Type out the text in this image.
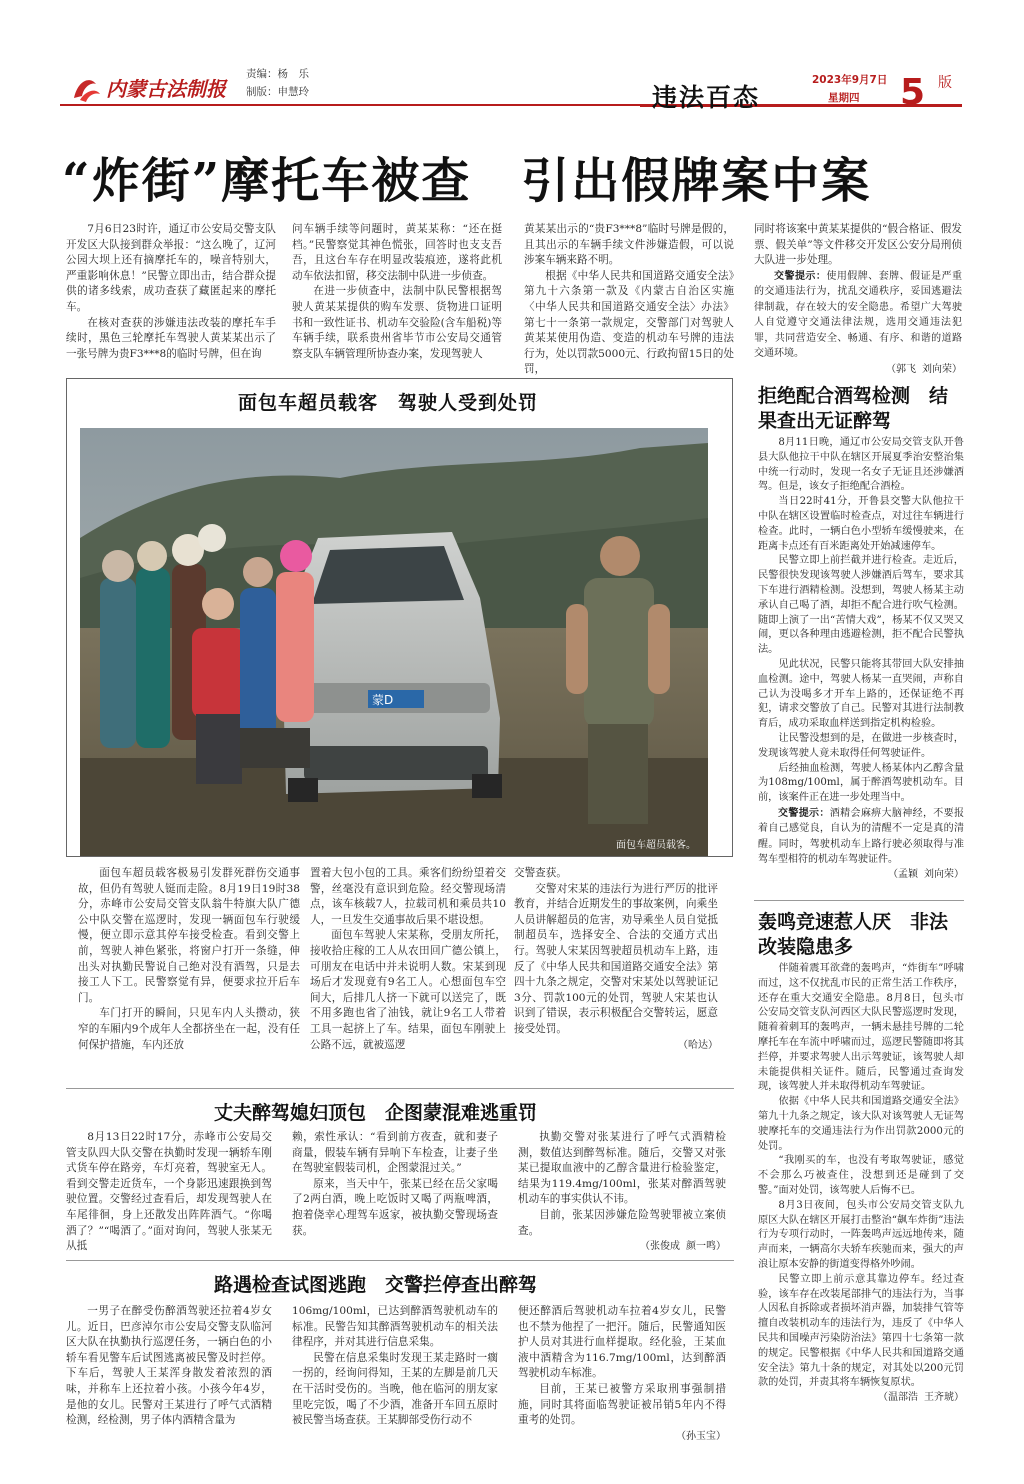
内蒙古法制报
责编：杨　乐
制版：申慧玲	违法百态
2023年9月7日
星期四 5 版
“炸街”摩托车被查　引出假牌案中案

7月6日23时许，通辽市公安局交警支队开发区大队接到群众举报：“这么晚了，辽河公园大坝上还有摘摩托车的，噪音特别大，严重影响休息！”民警立即出击，结合群众提供的诸多线索，成功查获了藏匿起来的摩托车。

在核对查获的涉嫌违法改装的摩托车手续时，黑色三轮摩托车驾驶人黄某某出示了一张号牌为贵F3***8的临时号牌，但在询

问车辆手续等问题时，黄某某称：“还在挺档。”民警察觉其神色慌张，回答时也支支吾吾，且这台车存在明显改装痕迹，遂将此机动车依法扣留，移交法制中队进一步侦查。

在进一步侦查中，法制中队民警根据驾驶人黄某某提供的购车发票、货物进口证明书和一致性证书、机动车交验险(含车船税)等车辆手续，联系贵州省毕节市公安局交通管察支队车辆管理所协查办案，发现驾驶人

黄某某出示的“贵F3***8”临时号牌是假的，且其出示的车辆手续文件涉嫌造假，可以说涉案车辆来路不明。

根据《中华人民共和国道路交通安全法》第九十六条第一款及《内蒙古自治区实施〈中华人民共和国道路交通安全法〉办法》第七十一条第一款规定，交警部门对驾驶人黄某某使用伪造、变造的机动车号牌的违法行为，处以罚款5000元、行政拘留15日的处罚，

同时将该案中黄某某提供的“假合格证、假发票、假关单”等文件移交开发区公安分局刑侦大队进一步处理。

交警提示：使用假牌、套牌、假证是严重的交通违法行为，扰乱交通秩序，妥国逃避法律制裁，存在较大的安全隐患。希望广大驾驶人自觉遵守交通法律法规，选用交通违法犯罪，共同营造安全、畅通、有序、和谐的道路交通环境。

（郭飞 刘向荣）
面包车超员载客　驾驶人受到处罚
蒙D
面包车超员载客。

面包车超员载客极易引发群死群伤交通事故，但仍有驾驶人铤而走险。8月19日19时38分，赤峰市公安局交管支队翁牛特旗大队广德公中队交警在巡逻时，发现一辆面包车行驶缓慢，便立即示意其停车接受检查。看到交警上前，驾驶人神色紧张，将窗户打开一条缝，伸出头对执勤民警说自己绝对没有酒驾，只是去接工人下工。民警察觉有异，便要求拉开后车门。

车门打开的瞬间，只见车内人头攒动，狭窄的车厢内9个成年人全都挤坐在一起，没有任何保护措施，车内还放

置着大包小包的工具。乘客们纷纷望着交警，丝毫没有意识到危险。经交警现场清点，该车核载7人，拉载司机和乘员共10人，一旦发生交通事故后果不堪设想。

面包车驾驶人宋某称，受朋友所托，接收拾庄稼的工人从农田回广德公镇上，可朋友在电话中并未说明人数。宋某到现场后才发现竟有9名工人。心想面包车空间大，后排几人挤一下就可以送完了，既不用多跑也省了油钱，就让9名工人带着工具一起挤上了车。结果，面包车刚驶上公路不远，就被巡逻

交警查获。

交警对宋某的违法行为进行严厉的批评教育，并结合近期发生的事故案例，向乘坐人员讲解超员的危害，劝导乘坐人员自觉抵制超员车，选择安全、合法的交通方式出行。驾驶人宋某因驾驶超员机动车上路，违反了《中华人民共和国道路交通安全法》第四十九条之规定，交警对宋某处以驾驶证记3分、罚款100元的处罚，驾驶人宋某也认识到了错误，表示积极配合交警转运，愿意接受处罚。

（哈达）
拒绝配合酒驾检测　结果查出无证醉驾

8月11日晚，通辽市公安局交管支队开鲁县大队他拉干中队在辖区开展夏季治安整治集中统一行动时，发现一名女子无证且还涉嫌酒驾。但是，该女子拒绝配合酒检。

当日22时41分，开鲁县交警大队他拉干中队在辖区设置临时检查点，对过往车辆进行检查。此时，一辆白色小型轿车缓慢驶来，在距离卡点还有百米距离处开始减速停车。

民警立即上前拦截并进行检查。走近后，民警很快发现该驾驶人涉嫌酒后驾车，要求其下车进行酒精检测。没想到，驾驶人杨某主动承认自己喝了酒，却拒不配合进行吹气检测。随即上演了一出“苦情大戏”，杨某不仅又哭又闹，更以各种理由逃避检测，拒不配合民警执法。

见此状况，民警只能将其带回大队安排抽血检测。途中，驾驶人杨某一直哭闹，声称自己认为没喝多才开车上路的，还保证绝不再犯，请求交警放了自己。民警对其进行法制教育后，成功采取血样送到指定机构检验。

让民警没想到的是，在做进一步核查时，发现该驾驶人竟未取得任何驾驶证件。

后经抽血检测，驾驶人杨某体内乙醇含量为108mg/100ml，属于醉酒驾驶机动车。目前，该案件正在进一步处理当中。

交警提示：酒精会麻痹大脑神经，不要报着自己感觉良，自认为的清醒不一定是真的清醒。同时，驾驶机动车上路行驶必须取得与准驾车型相符的机动车驾驶证件。

（孟颖 刘向荣）
轰鸣竞速惹人厌　非法改装隐患多

伴随着震耳欲聋的轰鸣声，“炸街车”呼啸而过，这不仅扰乱市民的正常生活工作秩序，还存在重大交通安全隐患。8月8日，包头市公安局交管支队河西区大队民警巡逻时发现，随着着刺耳的轰鸣声，一辆未悬挂号牌的二轮摩托车在车流中呼啸而过，巡逻民警随即将其拦停，并要求驾驶人出示驾驶证，该驾驶人却未能提供相关证件。随后，民警通过查询发现，该驾驶人并未取得机动车驾驶证。

依据《中华人民共和国道路交通安全法》第九十九条之规定，该大队对该驾驶人无证驾驶摩托车的交通违法行为作出罚款2000元的处罚。

“我刚买的车，也没有考取驾驶证，感觉不会那么巧被查住，没想到还是碰到了交警。”面对处罚，该驾驶人后悔不已。

8月3日夜间，包头市公安局交管支队九原区大队在辖区开展打击整治“飙车炸街”违法行为专项行动时，一阵轰鸣声远远地传来，随声而来，一辆高尔夫轿车疾驰而来，强大的声浪让原本安静的街道变得格外吵闹。

民警立即上前示意其靠边停车。经过查验，该车存在改装尾部排气的违法行为，当事人因私自拆除或者损坏消声器，加装排气管等擅自改装机动车的违法行为，违反了《中华人民共和国噪声污染防治法》第四十七条第一款的规定。民警根据《中华人民共和国道路交通安全法》第九十条的规定，对其处以200元罚款的处罚，并责其将车辆恢复原状。

（温部浩 王齐琥）
丈夫醉驾媳妇顶包　企图蒙混难逃重罚

8月13日22时17分，赤峰市公安局交管支队四大队交警在执勤时发现一辆轿车刚式货车停在路旁，车灯亮着，驾驶室无人。看到交警走近货车，一个身影迅速跟换到驾驶位置。交警经过查看后，却发现驾驶人在车尾徘徊，身上还散发出阵阵酒气。“你喝酒了？”“喝酒了。”面对询问，驾驶人张某无从抵

赖，索性承认：“看到前方夜查，就和妻子商量，假装车辆有异响下车检查，让妻子坐在驾驶室假装司机，企图蒙混过关。”

原来，当天中午，张某已经在岳父家喝了2两白酒，晚上吃饭时又喝了两瓶啤酒，抱着侥幸心理驾车返家，被执勤交警现场查获。

执勤交警对张某进行了呼气式酒精检测，数值达到醉驾标准。随后，交警又对张某已提取血液中的乙醇含量进行检验鉴定，结果为119.4mg/100ml，张某对醉酒驾驶机动车的事实供认不讳。

目前，张某因涉嫌危险驾驶罪被立案侦查。

（张俊成 颜一鸣）
路遇检查试图逃跑　交警拦停查出醉驾

一男子在醉受伤醉酒驾驶还拉着4岁女儿。近日，巴彦淖尔市公安局交警支队临河区大队在执勤执行巡逻任务，一辆白色的小轿车看见警车后试图逃离被民警及时拦停。下车后，驾驶人王某浑身散发着浓烈的酒味，并称车上还拉着小孩。小孩今年4岁，是他的女儿。民警对王某进行了呼气式酒精检测，经检测，男子体内酒精含量为

106mg/100ml，已达到醉酒驾驶机动车的标准。民警告知其醉酒驾驶机动车的相关法律程序，并对其进行信息采集。

民警在信息采集时发现王某走路时一瘸一拐的，经询问得知，王某的左脚是前几天在干活时受伤的。当晚，他在临河的朋友家里吃完饭，喝了不少酒，准备开车回五原时被民警当场查获。王某脚部受伤行动不

便还醉酒后驾驶机动车拉着4岁女儿，民警也不禁为他捏了一把汗。随后，民警通知医护人员对其进行血样提取。经化验，王某血液中酒精含为116.7mg/100ml，达到醉酒驾驶机动车标准。

目前，王某已被警方采取刑事强制措施，同时其将面临驾驶证被吊销5年内不得重考的处罚。

（孙玉宝）
